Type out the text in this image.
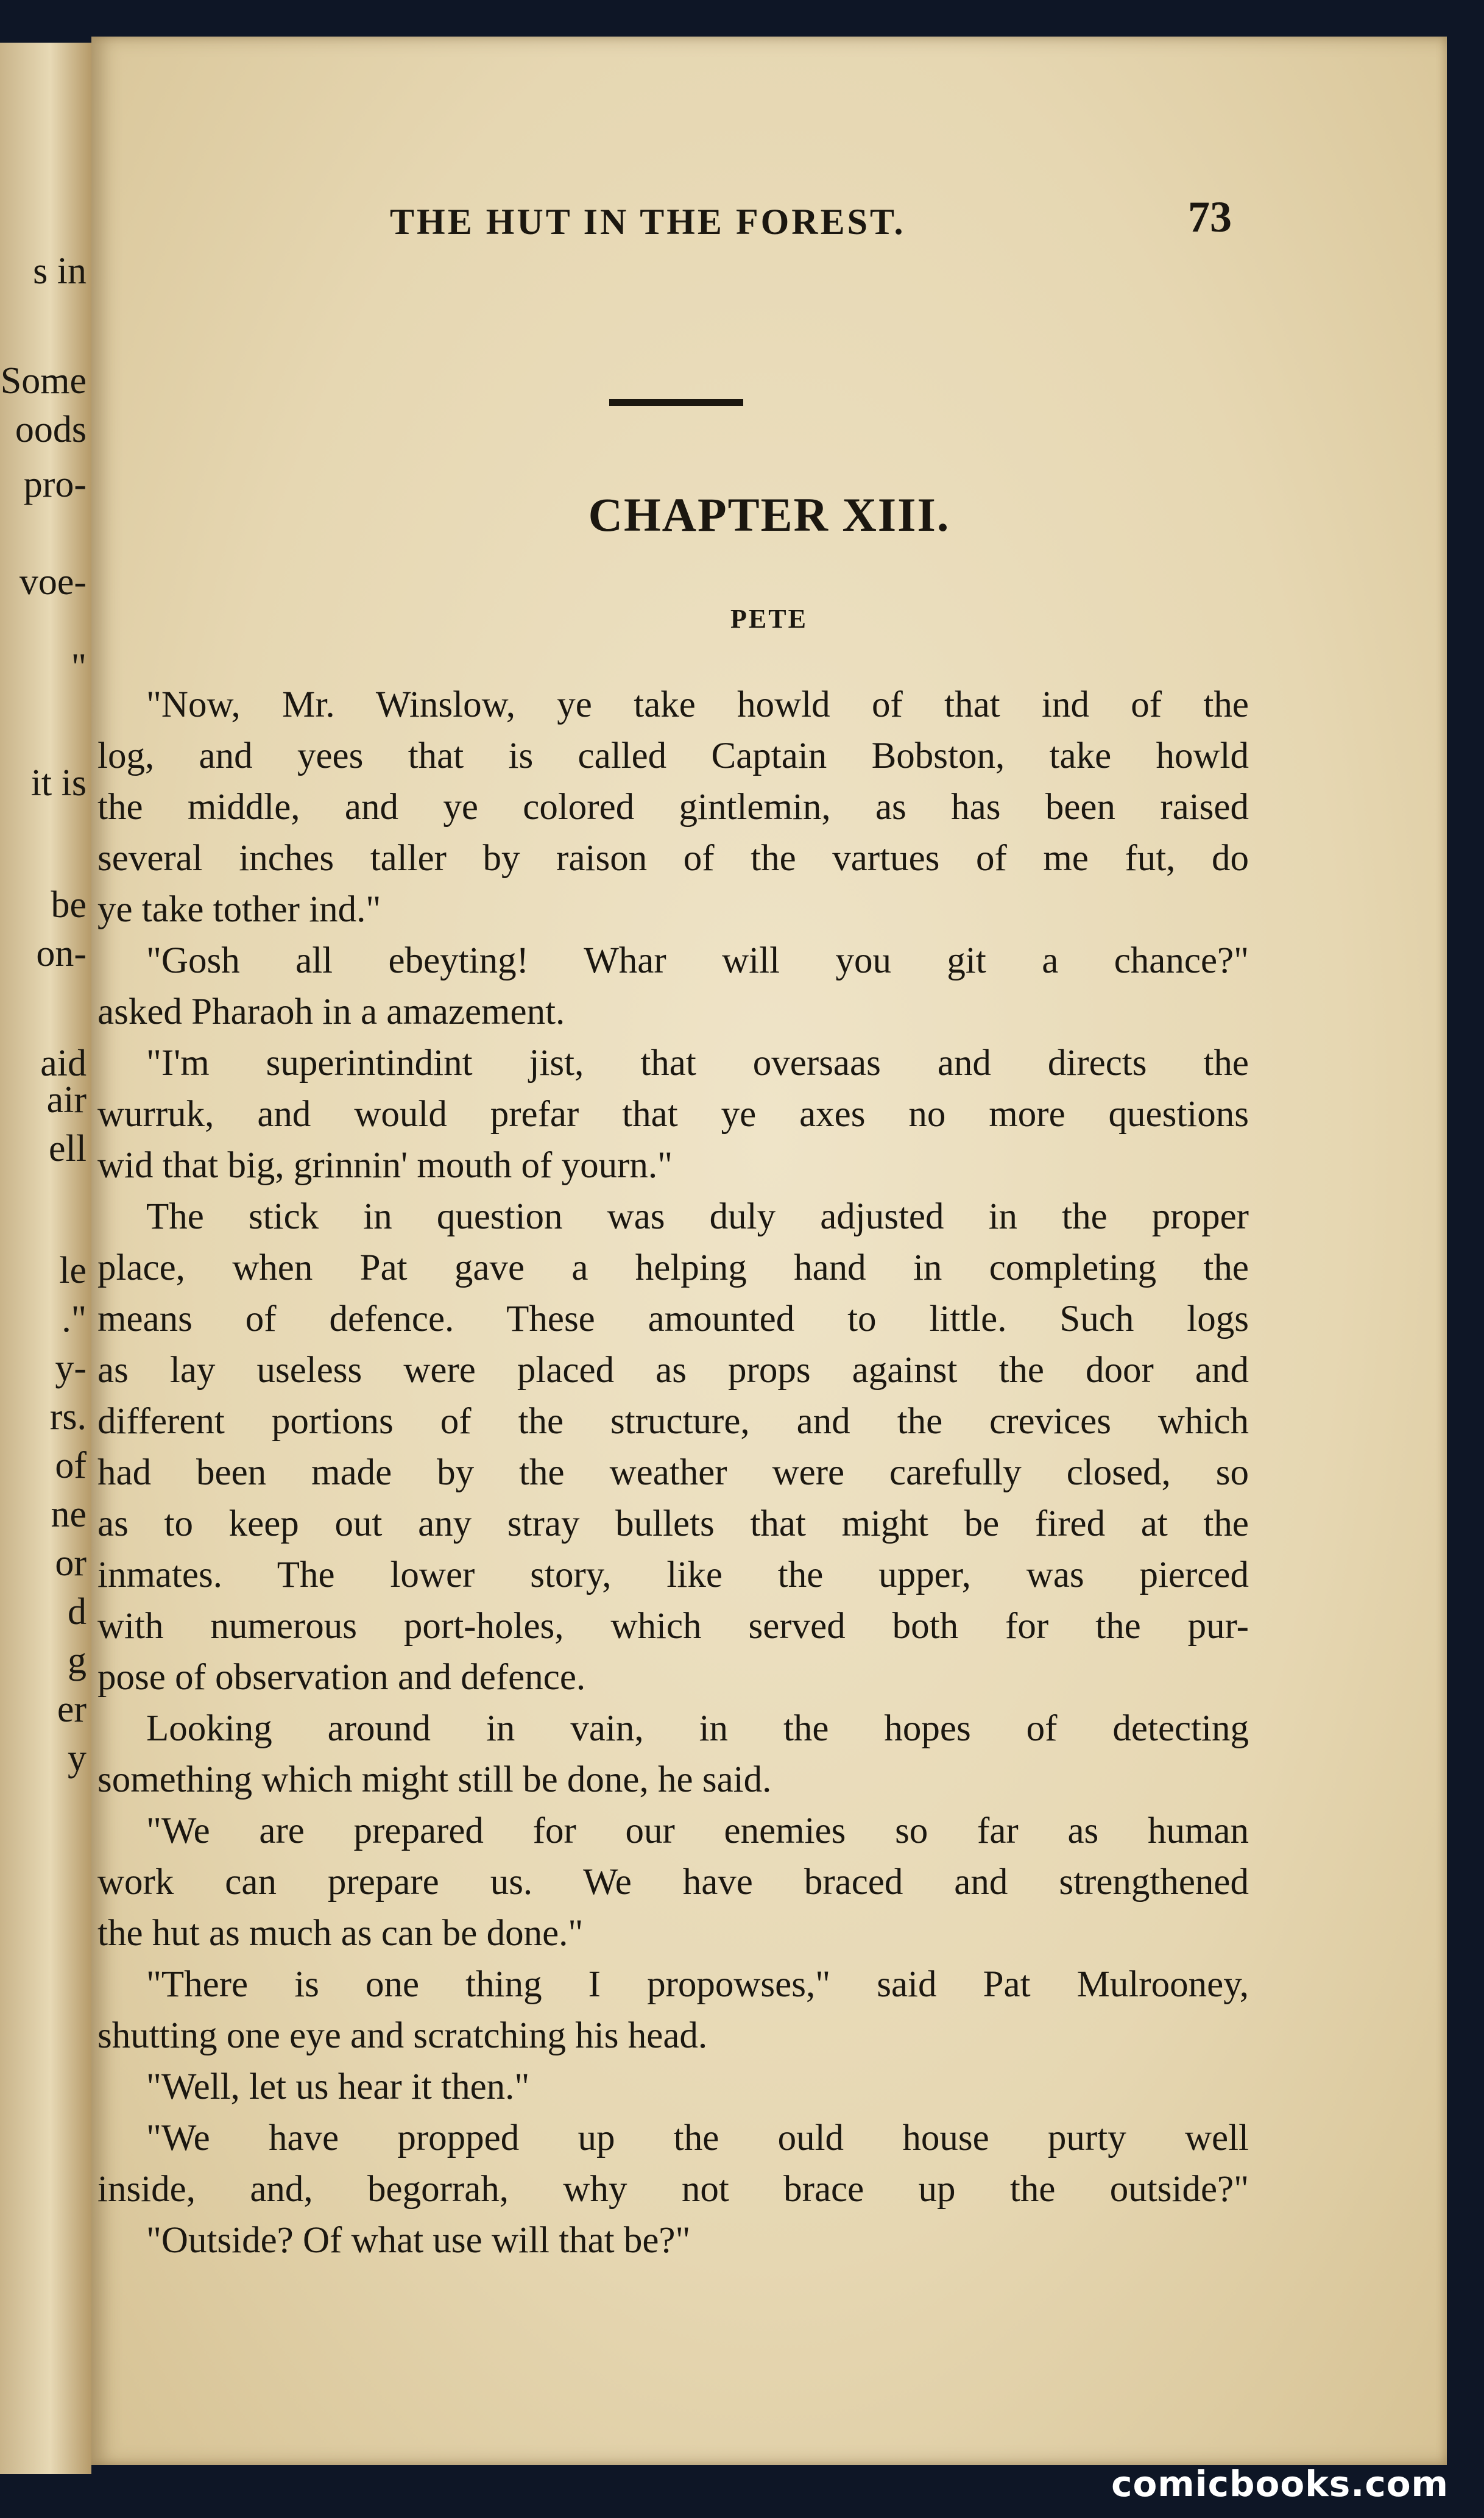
s in
Some
oods
pro-
voe-
"
it is
be
on-
aid
air
ell
le
."
y-
rs.
of
ne
or
d
g
er
y
THE HUT IN THE FOREST.	73
CHAPTER XIII.
PETE
"Now, Mr. Winslow, ye take howld of that ind of the
log, and yees that is called Captain Bobston, take howld
the middle, and ye colored gintlemin, as has been raised
several inches taller by raison of the vartues of me fut, do
ye take tother ind."
"Gosh all ebeyting! Whar will you git a chance?"
asked Pharaoh in a amazement.
"I'm superintindint jist, that oversaas and directs the
wurruk, and would prefar that ye axes no more questions
wid that big, grinnin' mouth of yourn."
The stick in question was duly adjusted in the proper
place, when Pat gave a helping hand in completing the
means of defence. These amounted to little. Such logs
as lay useless were placed as props against the door and
different portions of the structure, and the crevices which
had been made by the weather were carefully closed, so
as to keep out any stray bullets that might be fired at the
inmates. The lower story, like the upper, was pierced
with numerous port-holes, which served both for the pur-
pose of observation and defence.
Looking around in vain, in the hopes of detecting
something which might still be done, he said.
"We are prepared for our enemies so far as human
work can prepare us. We have braced and strengthened
the hut as much as can be done."
"There is one thing I propowses," said Pat Mulrooney,
shutting one eye and scratching his head.
"Well, let us hear it then."
"We have propped up the ould house purty well
inside, and, begorrah, why not brace up the outside?"
"Outside? Of what use will that be?"
comicbooks.com
